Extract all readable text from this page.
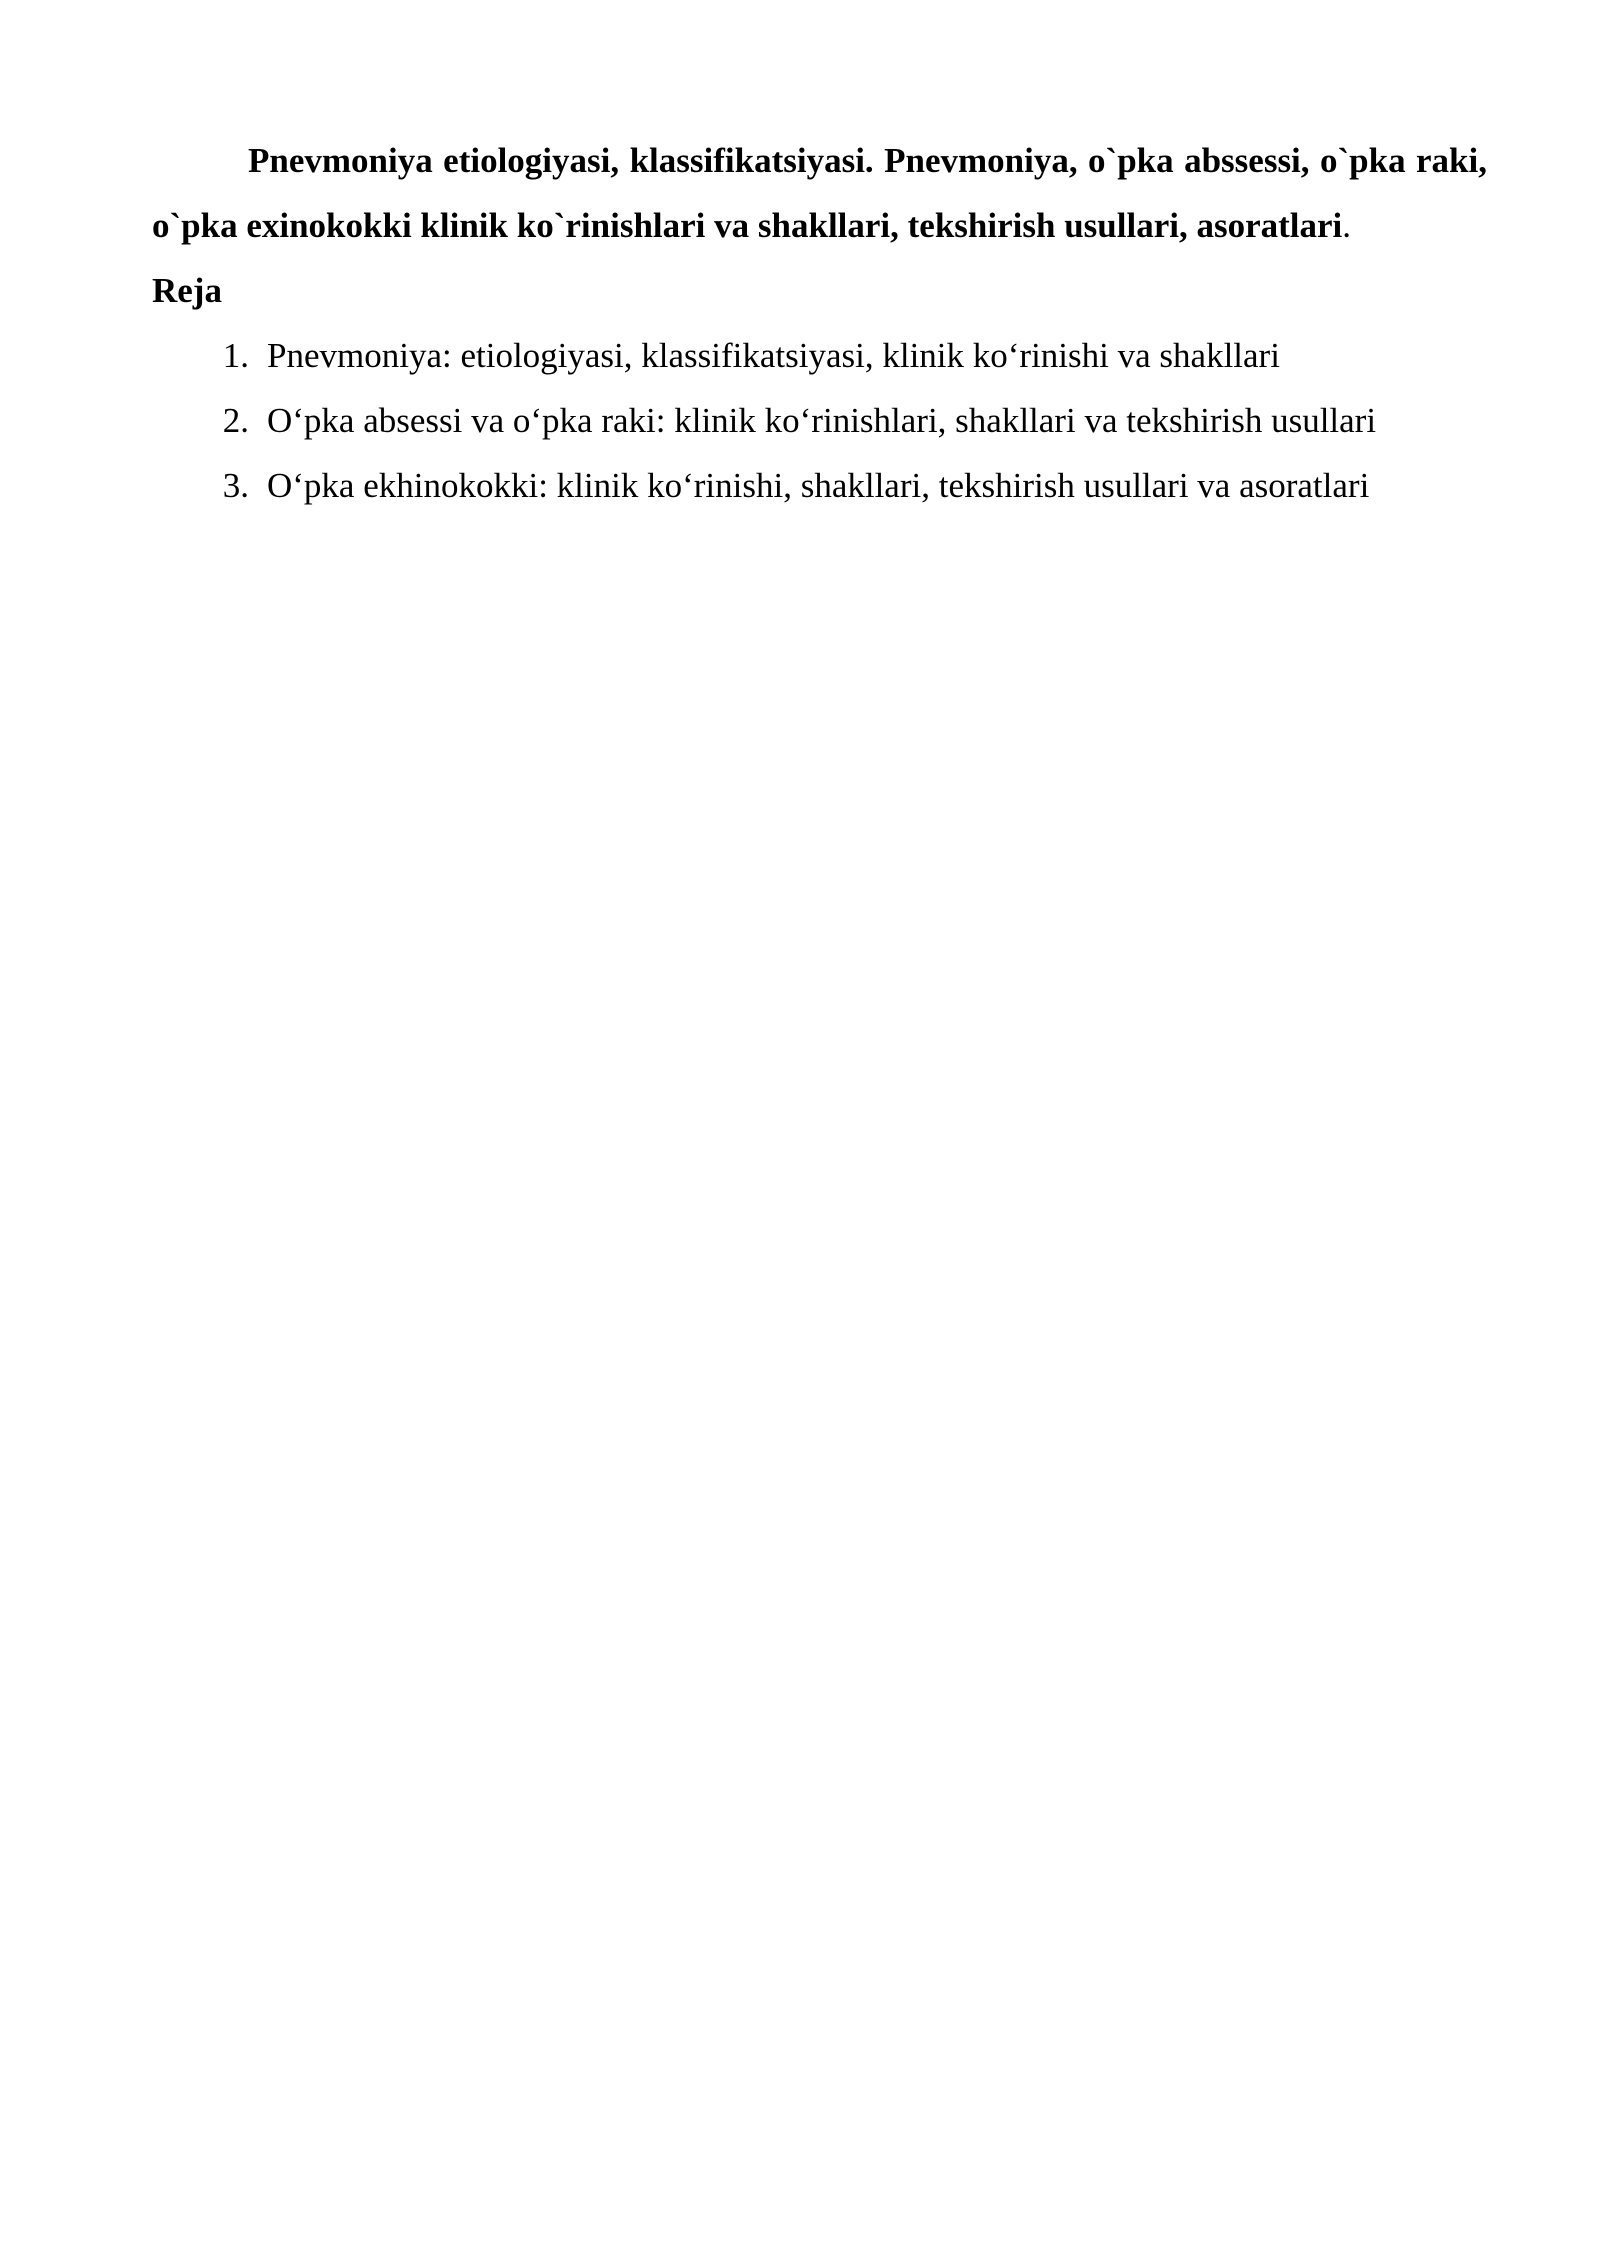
Pnevmoniya etiologiyasi, klassifikatsiyasi. Pnevmoniya, o`pka abssessi, o`pka raki, o`pka exinokokki klinik ko`rinishlari va shakllari, tekshirish usullari, asoratlari.

Reja

1. Pnevmoniya: etiologiyasi, klassifikatsiyasi, klinik ko‘rinishi va shakllari
2. O‘pka absessi va o‘pka raki: klinik ko‘rinishlari, shakllari va tekshirish usullari
3. O‘pka ekhinokokki: klinik ko‘rinishi, shakllari, tekshirish usullari va asoratlari
